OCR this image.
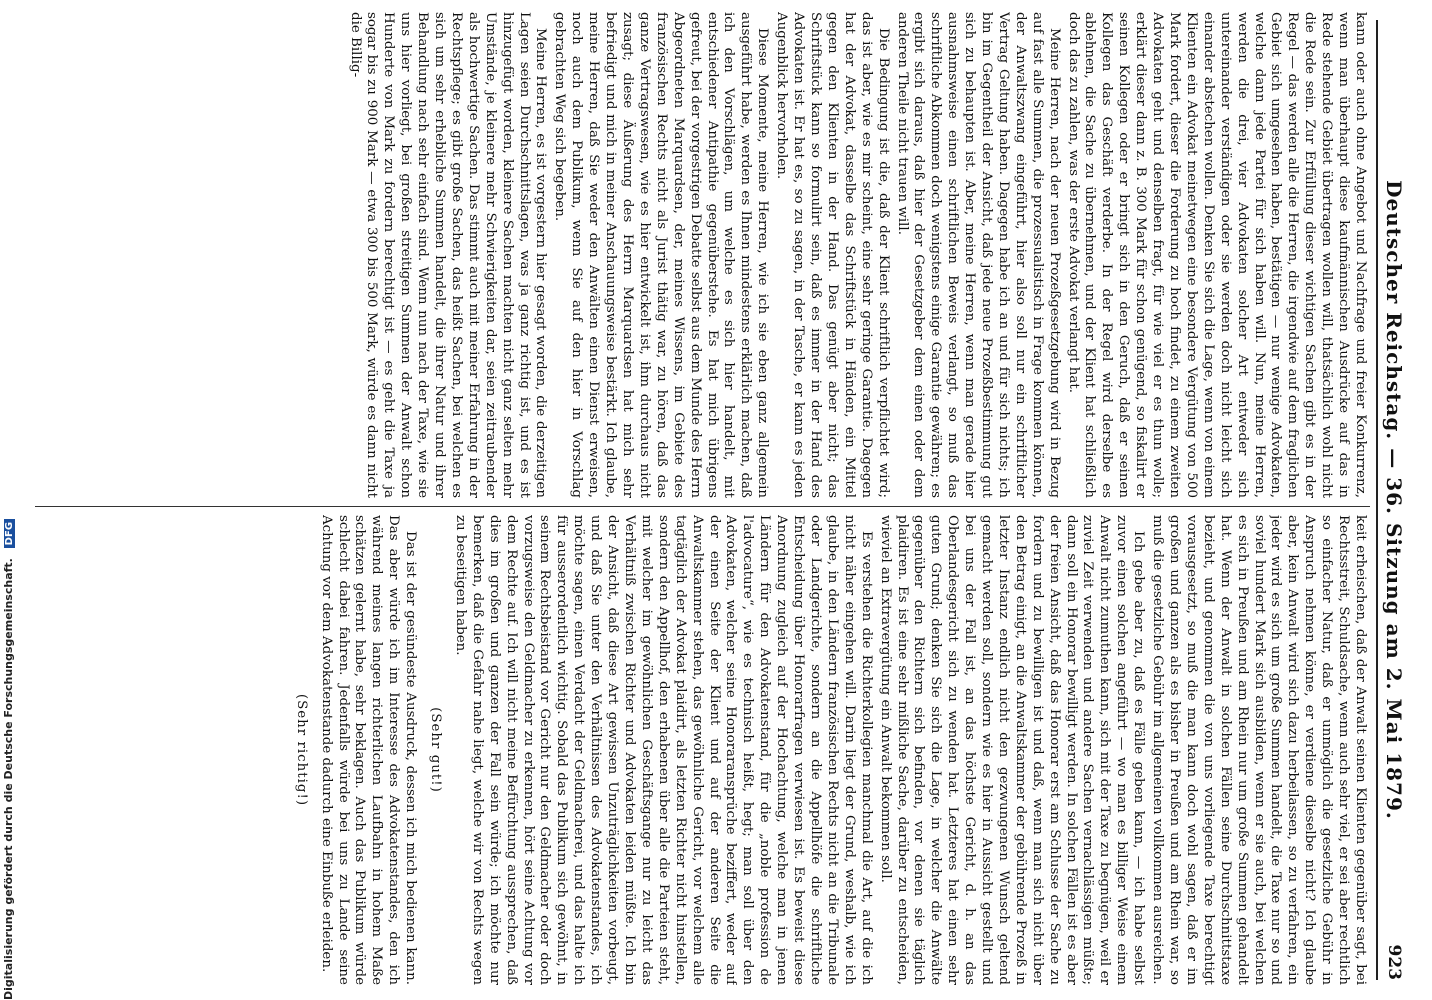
Deutscher Reichstag. — 36. Sitzung am 2. Mai 1879.
923

kann oder auch ohne Angebot und Nachfrage und freier Konkurrenz, wenn man überhaupt diese kaufmännischen Ausdrücke auf das in Rede stehende Gebiet übertragen wollen will, thatsächlich wohl nicht die Rede sein. Zur Erfüllung dieser wichtigen Sachen gibt es in der Regel — das werden alle die Herren, die irgendwie auf dem fraglichen Gebiet sich umgesehen haben, bestätigen — nur wenige Advokaten, welche dann jede Partei für sich haben will. Nun, meine Herren, werden die drei, vier Advokaten solcher Art entweder sich untereinander verständigen oder sie werden doch nicht leicht sich einander abstechen wollen. Denken Sie sich die Lage, wenn von einem Klienten ein Advokat meinetwegen eine besondere Vergütung von 500 Mark fordert, dieser die Forderung zu hoch findet, zu einem zweiten Advokaten geht und denselben fragt, für wie viel er es thun wolle; erklärt dieser dann z. B. 300 Mark für schon genügend, so fiskalirt er seinen Kollegen oder er bringt sich in den Geruch, daß er seinen Kollegen das Geschäft verderbe. In der Regel wird derselbe es ablehnen, die Sache zu übernehmen, und der Klient hat schließlich doch das zu zahlen, was der erste Advokat verlangt hat.

Meine Herren, nach der neuen Prozeßgesetzgebung wird in Bezug auf fast alle Summen, die prozessualistisch in Frage kommen können, der Anwaltszwang eingeführt, hier also soll nur ein schriftlicher Vertrag Geltung haben. Dagegen habe ich an und für sich nichts; ich bin im Gegentheil der Ansicht, daß jede neue Prozeßbestimmung gut sich zu behaupten ist. Aber, meine Herren, wenn man gerade hier ausnahmsweise einen schriftlichen Beweis verlangt, so muß das schriftliche Abkommen doch wenigstens einige Garantie gewähren; es ergibt sich daraus, daß hier der Gesetzgeber dem einen oder dem anderen Theile nicht trauen will.

Die Bedingung ist die, daß der Klient schriftlich verpflichtet wird; das ist aber, wie es mir scheint, eine sehr geringe Garantie. Dagegen hat der Advokat, dasselbe das Schriftstück in Händen, ein Mittel gegen den Klienten in der Hand. Das genügt aber nicht; das Schriftstück kann so formulirt sein, daß es immer in der Hand des Advokaten ist. Er hat es, so zu sagen, in der Tasche, er kann es jeden Augenblick hervorholen.

Diese Momente, meine Herren, wie ich sie eben ganz allgemein ausgeführt habe, werden es Ihnen mindestens erklärlich machen, daß ich den Vorschlägen, um welche es sich hier handelt, mit entschiedener Antipathie gegenüberstehe. Es hat mich übrigens gefreut, bei der vorgestrigen Debatte selbst aus dem Munde des Herrn Abgeordneten Marquardsen, der, meines Wissens, im Gebiete des französischen Rechts nicht als Jurist thätig war, zu hören, daß das ganze Vertragswesen, wie es hier entwickelt ist, ihm durchaus nicht zusagt; diese Äußerung des Herrn Marquardsen hat mich sehr befriedigt und mich in meiner Anschauungsweise bestärkt. Ich glaube, meine Herren, daß Sie weder den Anwälten einen Dienst erweisen, noch auch dem Publikum, wenn Sie auf den hier in Vorschlag gebrachten Weg sich begeben.

Meine Herren, es ist vorgestern hier gesagt worden, die derzeitigen Lagen seien Durchschnittslagen, was ja ganz richtig ist, und es ist hinzugefügt worden, kleinere Sachen machten nicht ganz selten mehr Umstände, je kleinere mehr Schwierigkeiten dar, seien zeitraubender als hochwertige Sachen. Das stimmt auch mit meiner Erfahrung in der Rechtspflege; es gibt große Sachen, das heißt Sachen, bei welchen es sich um sehr erhebliche Summen handelt, die ihrer Natur und ihrer Behandlung nach sehr einfach sind. Wenn nun nach der Taxe, wie sie uns hier vorliegt, bei großen streitigen Summen der Anwalt schon Hunderte von Mark zu fordern berechtigt ist — es geht die Taxe ja sogar bis zu 900 Mark — etwa 300 bis 500 Mark, würde es dann nicht die Billig-

keit erheischen, daß der Anwalt seinen Klienten gegenüber sagt, bei Rechtsstreit, Schuldsache, wenn auch sehr viel, er sei aber rechtlich so einfacher Natur, daß er unmöglich die gesetzliche Gebühr in Anspruch nehmen könne, er verdiene dieselbe nicht? Ich glaube aber, kein Anwalt wird sich dazu herbeilassen, so zu verfahren, ein jeder wird es sich um große Summen handelt, die Taxe nur so und soviel hundert Mark sich ausbilden, wenn er sie auch, bei welchen es sich in Preußen und am Rhein nur um große Summen gehandelt hat. Wenn der Anwalt in solchen Fällen seine Durchschnittstaxe bezieht, und genommen die von uns vorliegende Taxe berechtigt vorausgesetzt, so muß die man kann doch wohl sagen, daß er im großen und ganzen als es bisher in Preußen und am Rhein war, so muß die gesetzliche Gebühr im allgemeinen vollkommen ausreichen.

Ich gebe aber zu, daß es Fälle geben kann, — ich habe selbst zuvor einen solchen angeführt — wo man es billiger Weise einem Anwalt nicht zumuthen kann, sich mit der Taxe zu begnügen, weil er zuviel Zeit verwenden und andere Sachen vernachlässigen müßte; dann soll ein Honorar bewilligt werden. In solchen Fällen ist es aber der freien Ansicht, daß das Honorar erst am Schlusse der Sache zu fordern und zu bewilligen ist und daß, wenn man sich nicht über den Betrag einigt, an die Anwaltskammer der gebührende Prozeß in letzter Instanz endlich nicht den gezwungenen Wunsch geltend gemacht werden soll, sondern wie es hier in Aussicht gestellt und bei uns der Fall ist, an das höchste Gericht, d. h. an das Oberlandesgericht sich zu wenden hat. Letzteres hat einen sehr guten Grund; denken Sie sich die Lage, in welcher die Anwälte gegenüber den Richtern sich befinden, vor denen sie täglich plaidiren. Es ist eine sehr mißliche Sache, darüber zu entscheiden, wieviel an Extravergütung ein Anwalt bekommen soll.

Es verstehen die Richterkollegien manchmal die Art, auf die ich nicht näher eingehen will. Darin liegt der Grund, weshalb, wie ich glaube, in den Ländern französischen Rechts nicht an die Tribunale oder Landgerichte, sondern an die Appellhöfe die schriftliche Entscheidung über Honorarfragen verwiesen ist. Es beweist diese Anordnung zugleich auf der Hochachtung, welche man in jenen Ländern für den Advokatenstand, für die „noble profession de l'advocature“, wie es technisch heißt, hegt; man soll über den Advokaten, welcher seine Honoraransprüche beziffert, weder auf der einen Seite der Klient und auf der anderen Seite die Anwaltskammer stehen, das gewöhnliche Gericht, vor welchem alle tagtäglich der Advokat plaidirt, als letzten Richter nicht hinstellen, sondern den Appellhof, den erhabenen über alle die Parteien steht, mit welcher im gewöhnlichen Geschäftsgange nur zu leicht das Verhältniß zwischen Richter und Advokaten leiden müßte. Ich bin der Ansicht, daß diese Art gewissen Unzuträglichkeiten vorbeugt, und daß Sie unter den Verhältnissen des Advokatenstandes, ich möchte sagen, einen Verdacht der Geldmacherei, und das halte ich für ausserordentlich wichtig. Sobald das Publikum sich gewöhnt, in seinem Rechtsbeistand vor Gericht nur den Geldmacher oder doch vorzugsweise den Geldmacher zu erkennen, hört seine Achtung vor dem Rechte auf. Ich will nicht meine Befürchtung aussprechen, daß dies im großen und ganzen der Fall sein würde; ich möchte nur bemerken, daß die Gefahr nahe liegt, welche wir von Rechts wegen zu beseitigen haben.

(Sehr gut!)

Das ist der gesündeste Ausdruck, dessen ich mich bedienen kann. Das aber würde ich im Interesse des Advokatenstandes, den ich während meines langen richterlichen Laufbahn in hohem Maße schätzen gelernt habe, sehr beklagen. Auch das Publikum würde schlecht dabei fahren. Jedenfalls würde bei uns zu Lande seine Achtung vor dem Advokatenstande dadurch eine Einbuße erleiden.

(Sehr richtig!)

Digitalisierung gefördert durch die Deutsche Forschungsgemeinschaft. DFG
